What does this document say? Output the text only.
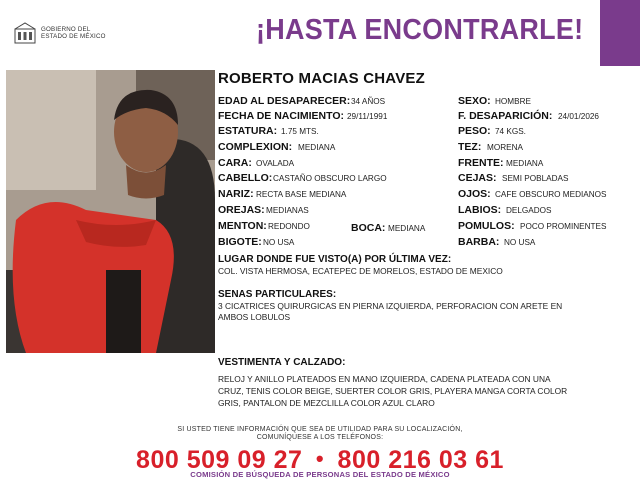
GOBIERNO DEL
ESTADO DE MÉXICO	¡HASTA ENCONTRARLE!
ROBERTO MACIAS CHAVEZ
EDAD AL DESAPARECER: 34 AÑOS
FECHA DE NACIMIENTO: 29/11/1991
ESTATURA: 1.75 MTS.
COMPLEXION: MEDIANA
CARA: OVALADA
CABELLO: CASTAÑO OBSCURO LARGO
NARIZ: RECTA BASE MEDIANA
OREJAS: MEDIANAS
MENTON: REDONDO	BOCA: MEDIANA
BIGOTE: NO USA
SEXO: HOMBRE
F. DESAPARICIÓN: 24/01/2026
PESO: 74 KGS.
TEZ: MORENA
FRENTE: MEDIANA
CEJAS: SEMI POBLADAS
OJOS: CAFE OBSCURO MEDIANOS
LABIOS: DELGADOS
POMULOS: POCO PROMINENTES
BARBA: NO USA
LUGAR DONDE FUE VISTO(A) POR ÚLTIMA VEZ:
COL. VISTA HERMOSA, ECATEPEC DE MORELOS, ESTADO DE MEXICO
SENAS PARTICULARES:
3 CICATRICES QUIRURGICAS EN PIERNA IZQUIERDA, PERFORACION CON ARETE EN
AMBOS LOBULOS
VESTIMENTA Y CALZADO:
RELOJ Y ANILLO PLATEADOS EN MANO IZQUIERDA, CADENA PLATEADA CON UNA
CRUZ, TENIS COLOR BEIGE, SUERTER COLOR GRIS, PLAYERA MANGA CORTA COLOR
GRIS, PANTALON DE MEZCLILLA COLOR AZUL CLARO
SI USTED TIENE INFORMACIÓN QUE SEA DE UTILIDAD PARA SU LOCALIZACIÓN,
COMUNÍQUESE A LOS TELÉFONOS:
800 509 09 27 • 800 216 03 61
COMISIÓN DE BÚSQUEDA DE PERSONAS DEL ESTADO DE MÉXICO
